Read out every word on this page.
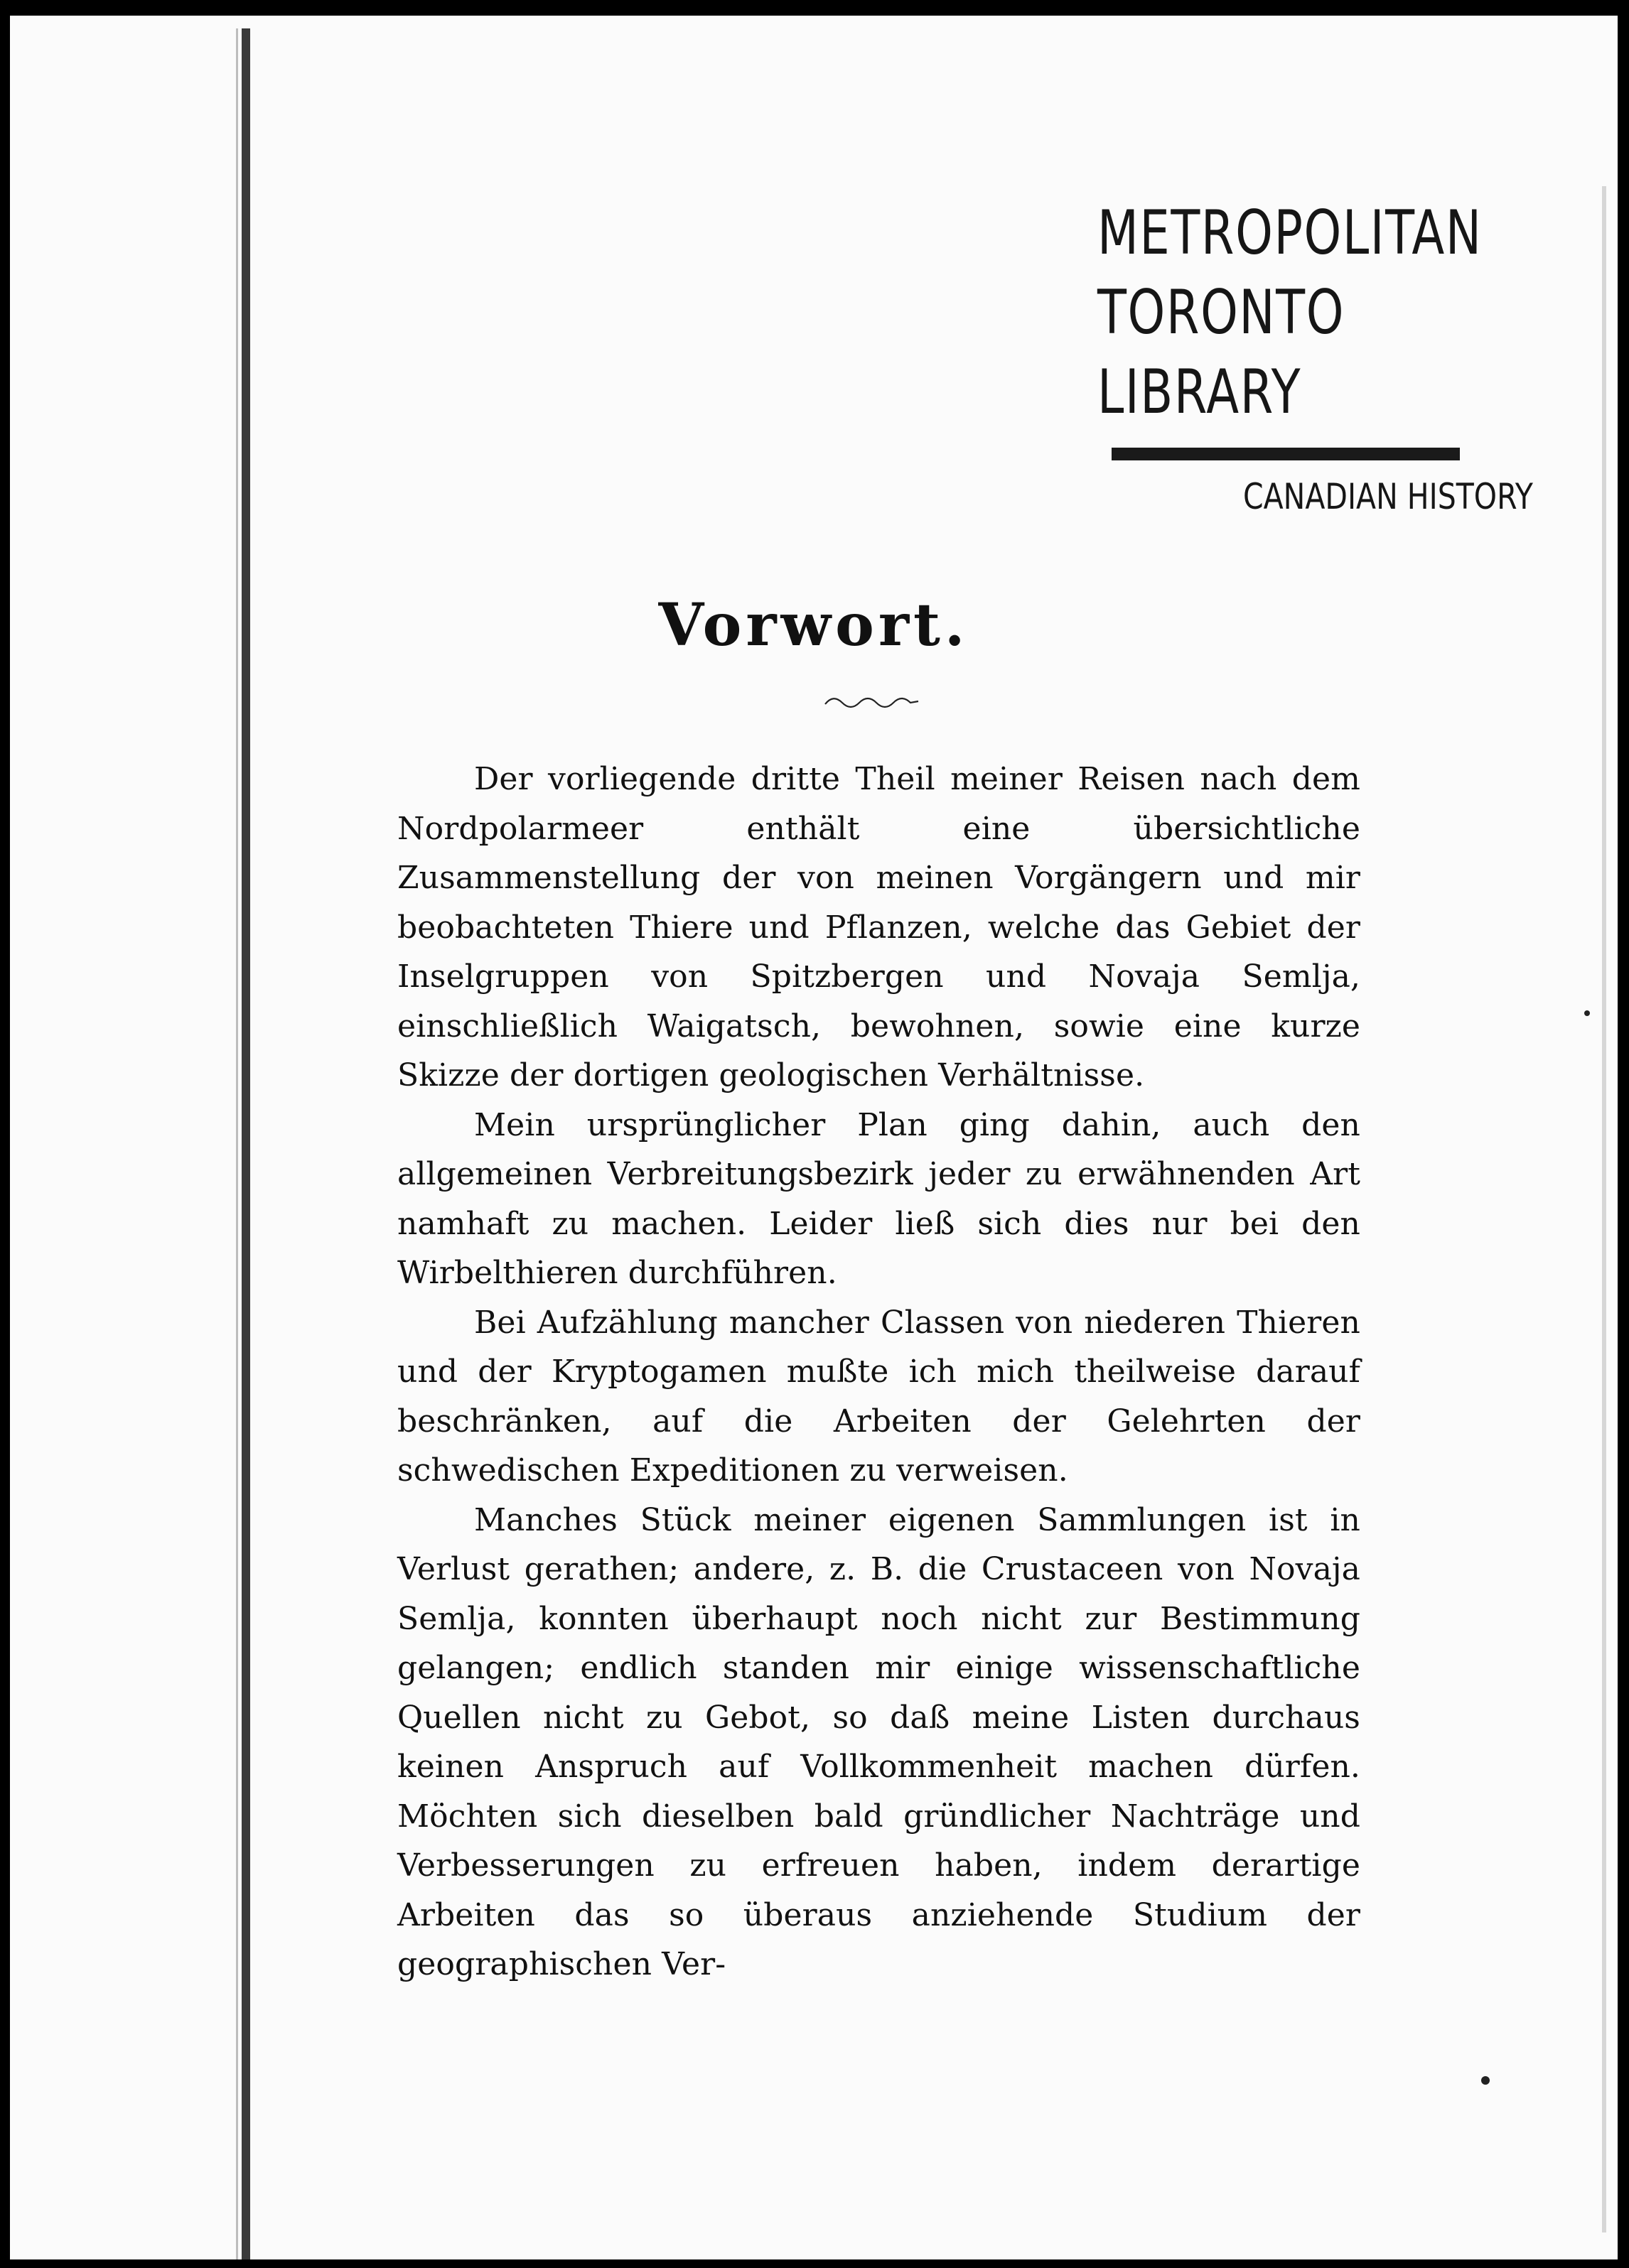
METROPOLITAN
TORONTO
LIBRARY
CANADIAN HISTORY
Vorwort.

Der vorliegende dritte Theil meiner Reisen nach dem Nordpolarmeer enthält eine übersichtliche Zusammenstellung der von meinen Vorgängern und mir beobachteten Thiere und Pflanzen, welche das Gebiet der Inselgruppen von Spitzbergen und Novaja Semlja, einschließlich Waigatsch, bewohnen, sowie eine kurze Skizze der dortigen geologischen Verhältnisse.

Mein ursprünglicher Plan ging dahin, auch den allgemeinen Verbreitungsbezirk jeder zu erwähnenden Art namhaft zu machen. Leider ließ sich dies nur bei den Wirbelthieren durchführen.

Bei Aufzählung mancher Classen von niederen Thieren und der Kryptogamen mußte ich mich theilweise darauf beschränken, auf die Arbeiten der Gelehrten der schwedischen Expeditionen zu verweisen.

Manches Stück meiner eigenen Sammlungen ist in Verlust gerathen; andere, z. B. die Crustaceen von Novaja Semlja, konnten überhaupt noch nicht zur Bestimmung gelangen; endlich standen mir einige wissenschaftliche Quellen nicht zu Gebot, so daß meine Listen durchaus keinen Anspruch auf Vollkommenheit machen dürfen. Möchten sich dieselben bald gründlicher Nachträge und Verbesserungen zu erfreuen haben, indem derartige Arbeiten das so überaus anziehende Studium der geographischen Ver-
